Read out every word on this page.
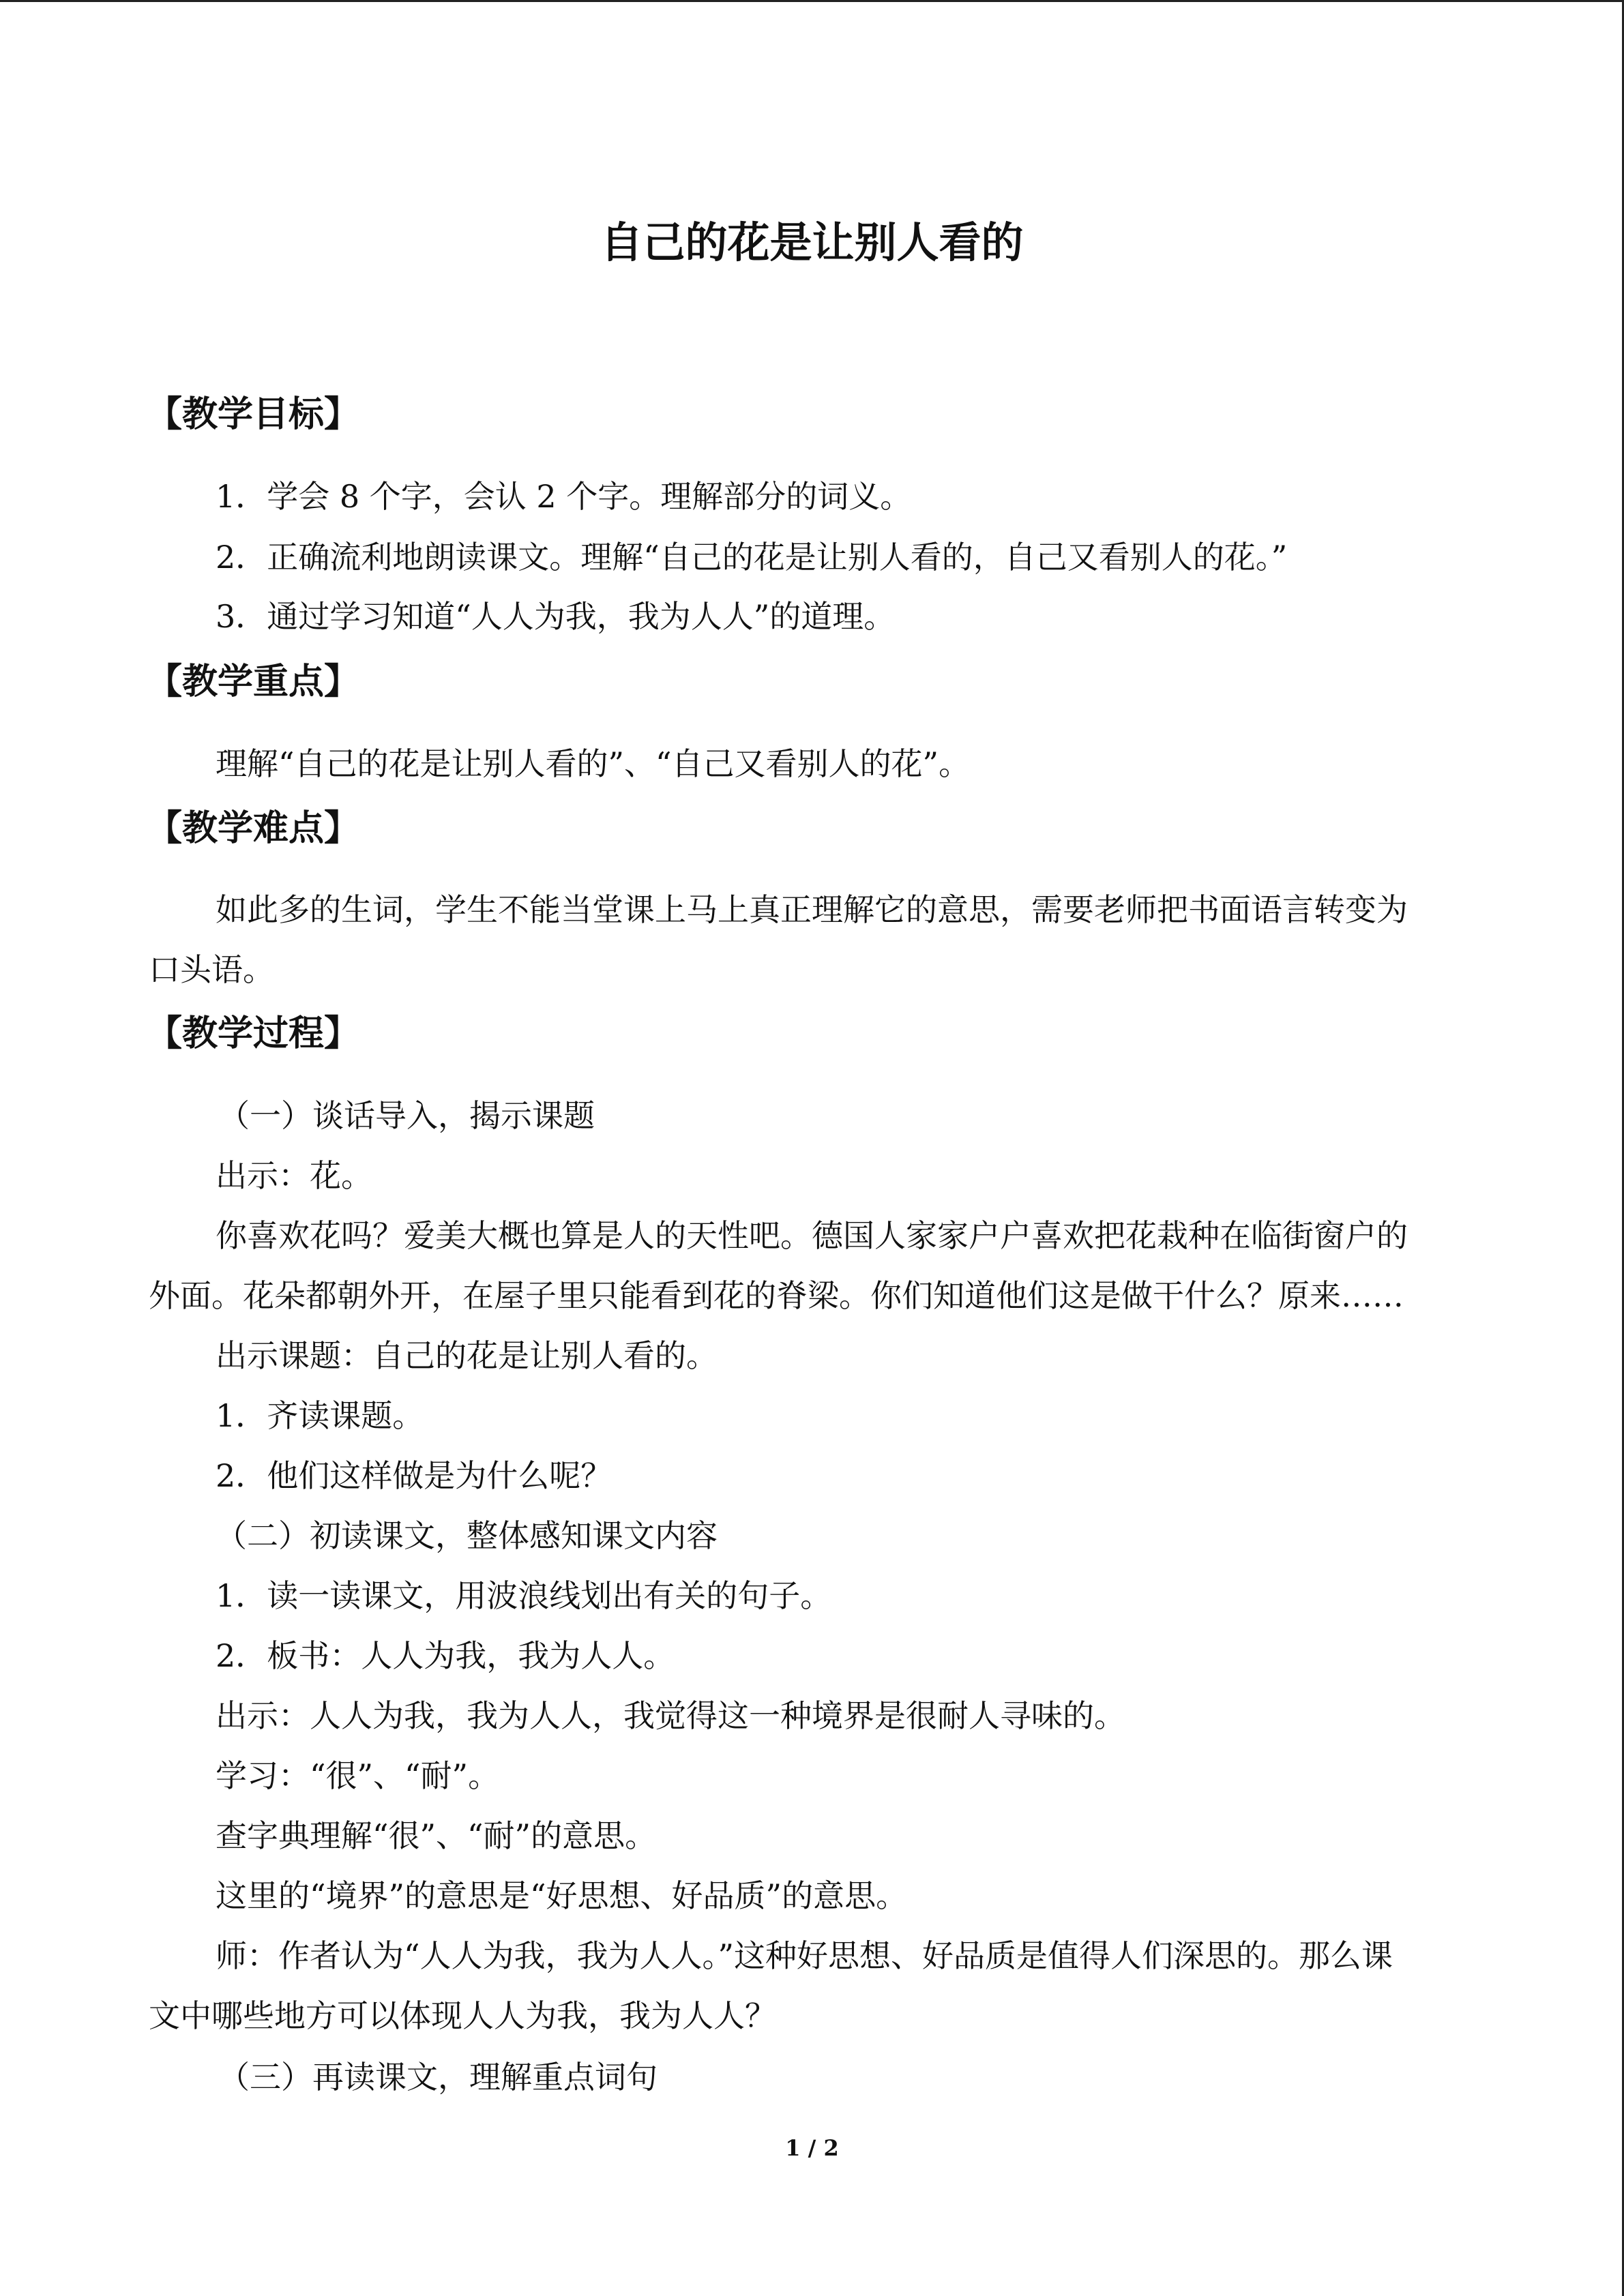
自己的花是让别人看的
【教学目标】

1．学会 8 个字，会认 2 个字。理解部分的词义。

2．正确流利地朗读课文。理解“自己的花是让别人看的，自己又看别人的花。”

3．通过学习知道“人人为我，我为人人”的道理。

【教学重点】

理解“自己的花是让别人看的”、“自己又看别人的花”。

【教学难点】

如此多的生词，学生不能当堂课上马上真正理解它的意思，需要老师把书面语言转变为

口头语。

【教学过程】

（一）谈话导入，揭示课题

出示：花。

你喜欢花吗？爱美大概也算是人的天性吧。德国人家家户户喜欢把花栽种在临街窗户的

外面。花朵都朝外开，在屋子里只能看到花的脊梁。你们知道他们这是做干什么？原来……

出示课题：自己的花是让别人看的。

1．齐读课题。

2．他们这样做是为什么呢？

（二）初读课文，整体感知课文内容

1．读一读课文，用波浪线划出有关的句子。

2．板书：人人为我，我为人人。

出示：人人为我，我为人人，我觉得这一种境界是很耐人寻味的。

学习：“很”、“耐”。

查字典理解“很”、“耐”的意思。

这里的“境界”的意思是“好思想、好品质”的意思。

师：作者认为“人人为我，我为人人。”这种好思想、好品质是值得人们深思的。那么课

文中哪些地方可以体现人人为我，我为人人？

（三）再读课文，理解重点词句

1 / 2
